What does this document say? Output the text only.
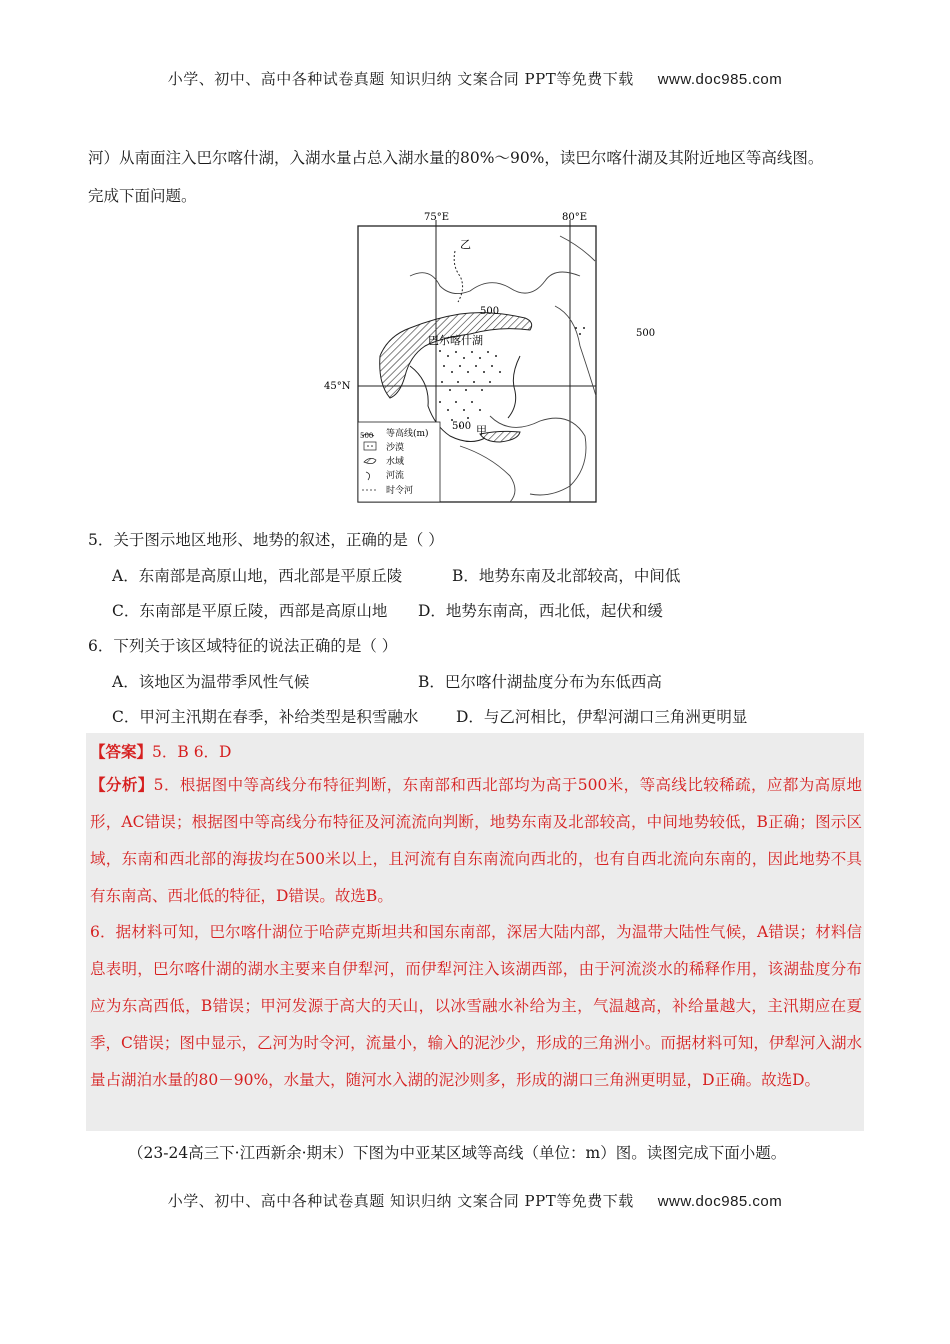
小学、初中、高中各种试卷真题 知识归纳 文案合同 PPT等免费下载 www.doc985.com
河）从南面注入巴尔喀什湖，入湖水量占总入湖水量的80%～90%，读巴尔喀什湖及其附近地区等高线图。
完成下面问题。
75°E	80°E
45°N
巴尔喀什湖
500
500
500 甲
乙
500 等高线(m)
沙漠
水域
河流
时令河
5．关于图示地区地形、地势的叙述，正确的是（ ）
A．东南部是高原山地，西北部是平原丘陵	B．地势东南及北部较高，中间低
C．东南部是平原丘陵，西部是高原山地 D．地势东南高，西北低，起伏和缓
6．下列关于该区域特征的说法正确的是（ ）
A．该地区为温带季风性气候	B．巴尔喀什湖盐度分布为东低西高
C．甲河主汛期在春季，补给类型是积雪融水 D．与乙河相比，伊犁河湖口三角洲更明显
【答案】5．B 6．D
【分析】5．根据图中等高线分布特征判断，东南部和西北部均为高于500米，等高线比较稀疏，应都为高原地形，AC错误；根据图中等高线分布特征及河流流向判断，地势东南及北部较高，中间地势较低，B正确；图示区域，东南和西北部的海拔均在500米以上，且河流有自东南流向西北的，也有自西北流向东南的，因此地势不具有东南高、西北低的特征，D错误。故选B。
6．据材料可知，巴尔喀什湖位于哈萨克斯坦共和国东南部，深居大陆内部，为温带大陆性气候，A错误；材料信息表明，巴尔喀什湖的湖水主要来自伊犁河，而伊犁河注入该湖西部，由于河流淡水的稀释作用，该湖盐度分布应为东高西低，B错误；甲河发源于高大的天山，以冰雪融水补给为主，气温越高，补给量越大，主汛期应在夏季，C错误；图中显示，乙河为时令河，流量小，输入的泥沙少，形成的三角洲小。而据材料可知，伊犁河入湖水量占湖泊水量的80－90%，水量大，随河水入湖的泥沙则多，形成的湖口三角洲更明显，D正确。故选D。
（23-24高三下·江西新余·期末）下图为中亚某区域等高线（单位：m）图。读图完成下面小题。
小学、初中、高中各种试卷真题 知识归纳 文案合同 PPT等免费下载 www.doc985.com
